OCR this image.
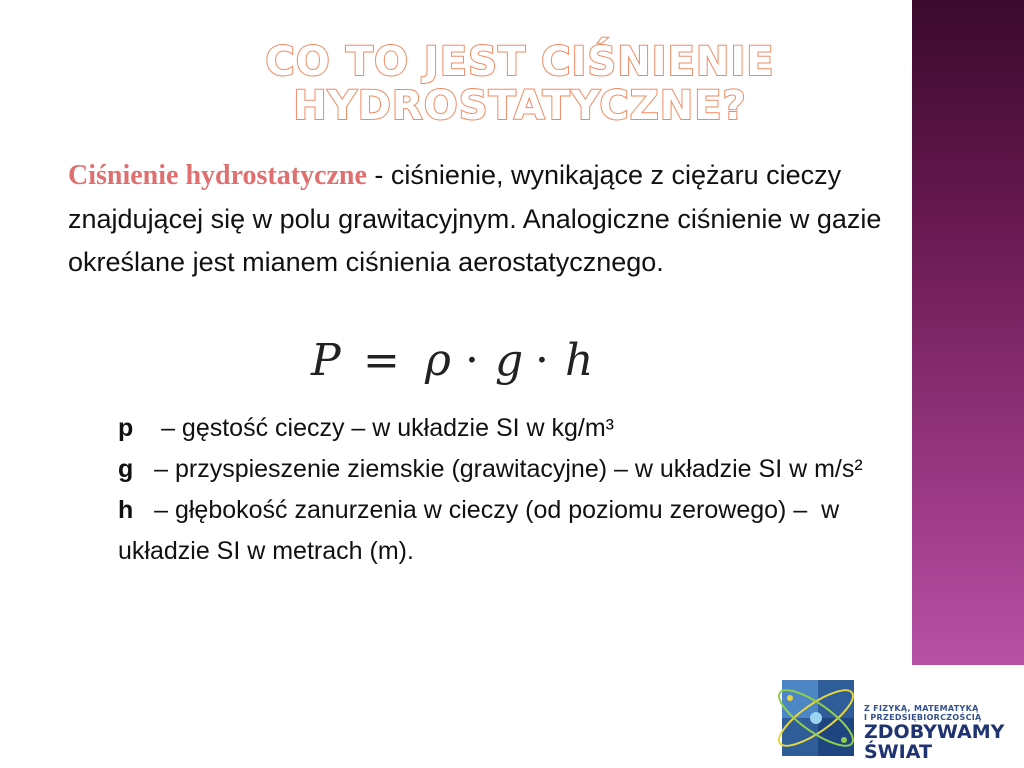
CO TO JEST CIŚNIENIE
HYDROSTATYCZNE?
Ciśnienie hydrostatyczne - ciśnienie, wynikające z ciężaru cieczy znajdującej się w polu grawitacyjnym. Analogiczne ciśnienie w gazie określane jest mianem ciśnienia aerostatycznego.
P = ρ · g · h
p    – gęstość cieczy – w układzie SI w kg/m³
g   – przyspieszenie ziemskie (grawitacyjne) – w układzie SI w m/s²
h   – głębokość zanurzenia w cieczy (od poziomu zerowego) –  w układzie SI w metrach (m).
Z FIZYKĄ, MATEMATYKĄ
I PRZEDSIĘBIORCZOŚCIĄ
ZDOBYWAMY
ŚWIAT
